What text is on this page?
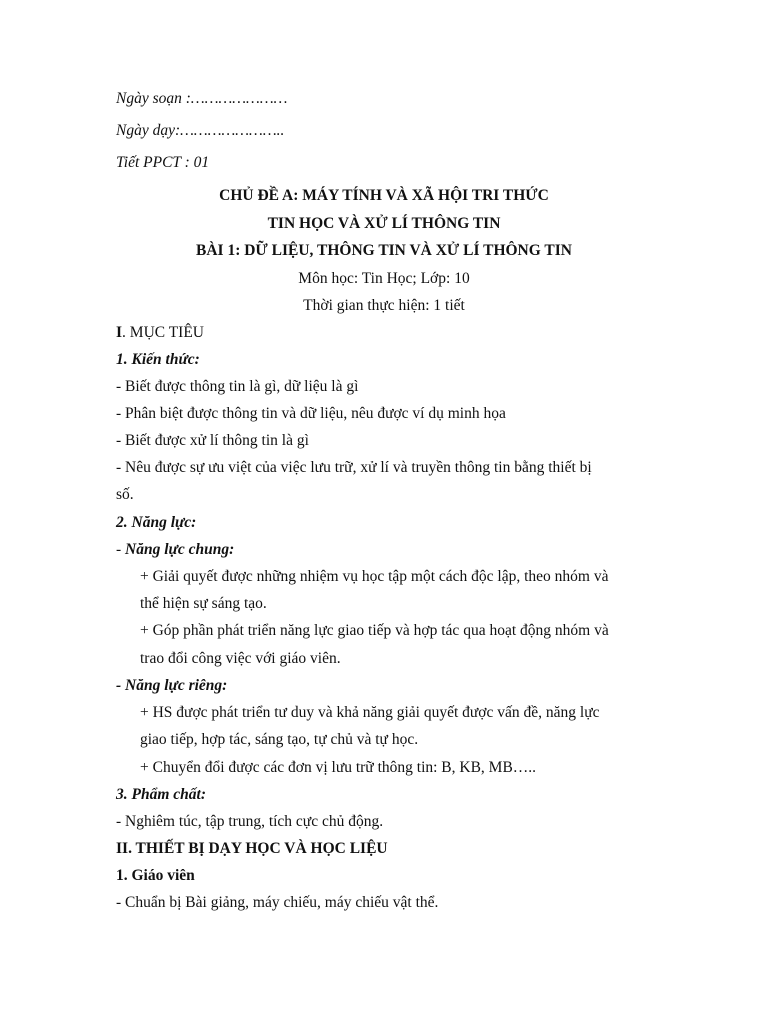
Ngày soạn :…………………
Ngày dạy:…………………..
Tiết PPCT : 01
CHỦ ĐỀ A: MÁY TÍNH VÀ XÃ HỘI TRI THỨC
TIN HỌC VÀ XỬ LÍ THÔNG TIN
BÀI 1: DỮ LIỆU, THÔNG TIN VÀ XỬ LÍ THÔNG TIN
Môn học: Tin Học; Lớp: 10
Thời gian thực hiện: 1 tiết
I. MỤC TIÊU
1. Kiến thức:
- Biết được thông tin là gì, dữ liệu là gì
- Phân biệt được thông tin và dữ liệu, nêu được ví dụ minh họa
- Biết được xử lí thông tin là gì
- Nêu được sự ưu việt của việc lưu trữ, xử lí và truyền thông tin bằng thiết bị
số.
2. Năng lực:
- Năng lực chung:
+ Giải quyết được những nhiệm vụ học tập một cách độc lập, theo nhóm và
thể hiện sự sáng tạo.
+ Góp phần phát triển năng lực giao tiếp và hợp tác qua hoạt động nhóm và
trao đổi công việc với giáo viên.
- Năng lực riêng:
+ HS được phát triển tư duy và khả năng giải quyết được vấn đề, năng lực
giao tiếp, hợp tác, sáng tạo, tự chủ và tự học.
+ Chuyển đổi được các đơn vị lưu trữ thông tin: B, KB, MB…..
3. Phẩm chất:
- Nghiêm túc, tập trung, tích cực chủ động.
II. THIẾT BỊ DẠY HỌC VÀ HỌC LIỆU
1. Giáo viên
- Chuẩn bị Bài giảng, máy chiếu, máy chiếu vật thể.
